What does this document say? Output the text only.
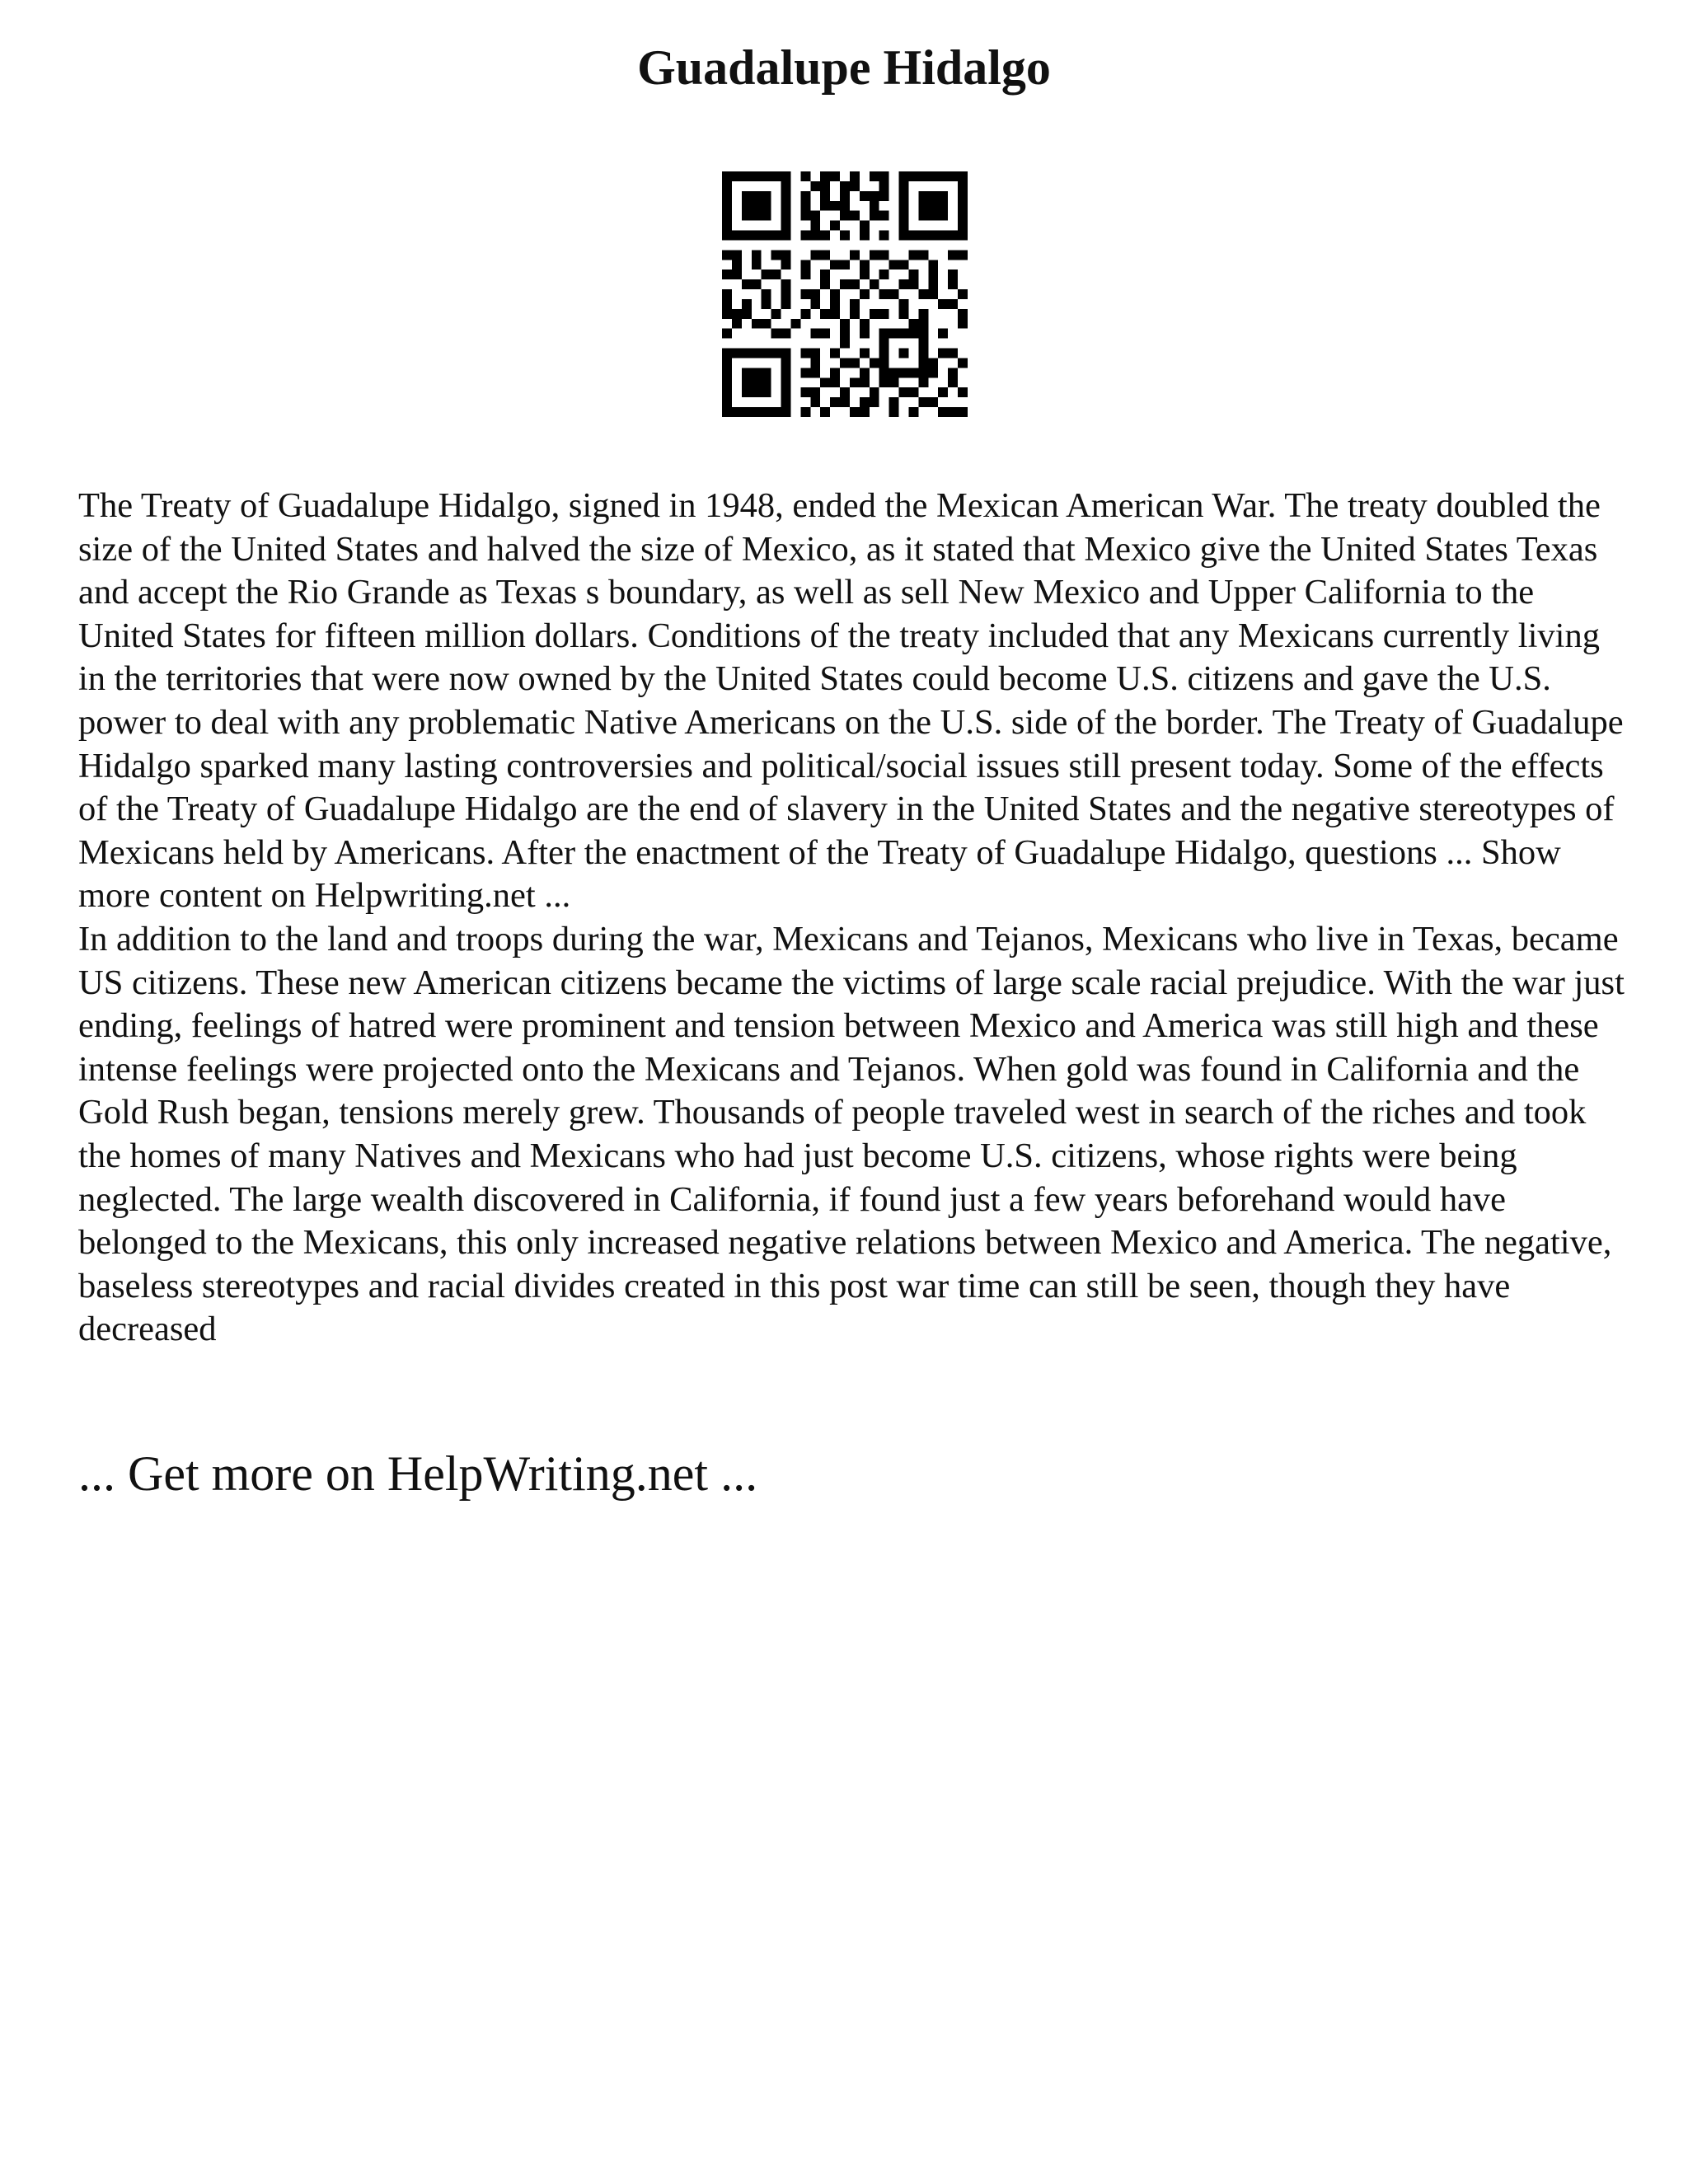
Guadalupe Hidalgo

The Treaty of Guadalupe Hidalgo, signed in 1948, ended the Mexican American War. The treaty doubled the size of the United States and halved the size of Mexico, as it stated that Mexico give the United States Texas and accept the Rio Grande as Texas s boundary, as well as sell New Mexico and Upper California to the United States for fifteen million dollars. Conditions of the treaty included that any Mexicans currently living in the territories that were now owned by the United States could become U.S. citizens and gave the U.S. power to deal with any problematic Native Americans on the U.S. side of the border. The Treaty of Guadalupe Hidalgo sparked many lasting controversies and political/social issues still present today. Some of the effects of the Treaty of Guadalupe Hidalgo are the end of slavery in the United States and the negative stereotypes of Mexicans held by Americans. After the enactment of the Treaty of Guadalupe Hidalgo, questions ... Show more content on Helpwriting.net ...

In addition to the land and troops during the war, Mexicans and Tejanos, Mexicans who live in Texas, became US citizens. These new American citizens became the victims of large scale racial prejudice. With the war just ending, feelings of hatred were prominent and tension between Mexico and America was still high and these intense feelings were projected onto the Mexicans and Tejanos. When gold was found in California and the Gold Rush began, tensions merely grew. Thousands of people traveled west in search of the riches and took the homes of many Natives and Mexicans who had just become U.S. citizens, whose rights were being neglected. The large wealth discovered in California, if found just a few years beforehand would have belonged to the Mexicans, this only increased negative relations between Mexico and America. The negative, baseless stereotypes and racial divides created in this post war time can still be seen, though they have decreased

... Get more on HelpWriting.net ...
